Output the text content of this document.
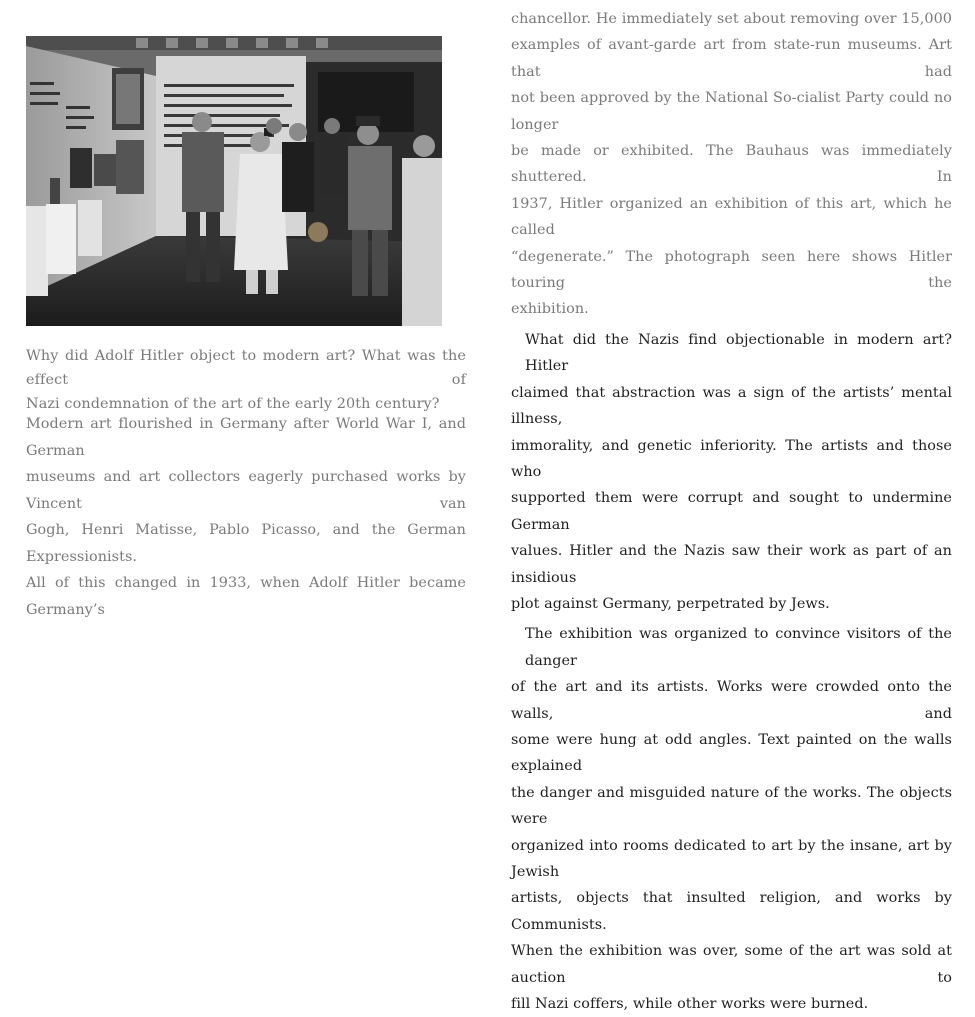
Why did Adolf Hitler object to modern art? What was the effect of
Nazi condemnation of the art of the early 20th century?

Modern art flourished in Germany after World War I, and German
museums and art collectors eagerly purchased works by Vincent van
Gogh, Henri Matisse, Pablo Picasso, and the German Expressionists.
All of this changed in 1933, when Adolf Hitler became Germany’s

chancellor. He immediately set about removing over 15,000
examples of avant-garde art from state-run museums. Art that had
not been approved by the National So-cialist Party could no longer
be made or exhibited. The Bauhaus was immediately shuttered. In
1937, Hitler organized an exhibition of this art, which he called
“degenerate.” The photograph seen here shows Hitler touring the
exhibition.

What did the Nazis find objectionable in modern art? Hitler
claimed that abstraction was a sign of the artists’ mental illness,
immorality, and genetic inferiority. The artists and those who
supported them were corrupt and sought to undermine German
values. Hitler and the Nazis saw their work as part of an insidious
plot against Germany, perpetrated by Jews.

The exhibition was organized to convince visitors of the danger
of the art and its artists. Works were crowded onto the walls, and
some were hung at odd angles. Text painted on the walls explained
the danger and misguided nature of the works. The objects were
organized into rooms dedicated to art by the insane, art by Jewish
artists, objects that insulted religion, and works by Communists.
When the exhibition was over, some of the art was sold at auction to
fill Nazi coffers, while other works were burned.
